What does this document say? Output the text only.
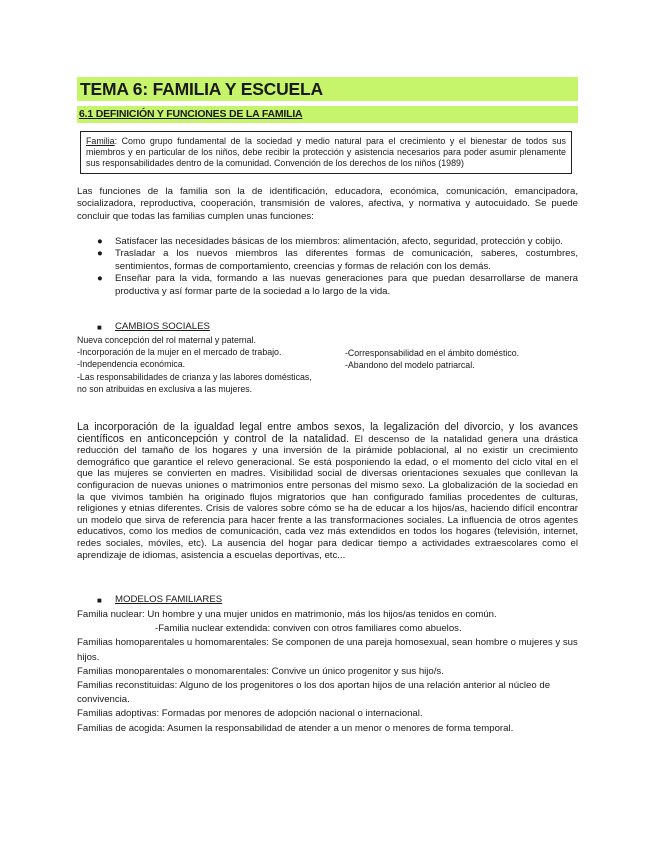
TEMA 6: FAMILIA Y ESCUELA
6.1 DEFINICIÓN Y FUNCIONES DE LA FAMILIA
Familia: Como grupo fundamental de la sociedad y medio natural para el crecimiento y el bienestar de todos sus miembros y en particular de los niños, debe recibir la protección y asistencia necesarios para poder asumir plenamente sus responsabilidades dentro de la comunidad. Convención de los derechos de los niños (1989)
Las funciones de la familia son la de identificación, educadora, económica, comunicación, emancipadora, socializadora, reproductiva, cooperación, transmisión de valores, afectiva, y normativa y autocuidado. Se puede concluir que todas las familias cumplen unas funciones:
● Satisfacer las necesidades básicas de los miembros: alimentación, afecto, seguridad, protección y cobijo.
● Trasladar a los nuevos miembros las diferentes formas de comunicación, saberes, costumbres, sentimientos, formas de comportamiento, creencias y formas de relación con los demás.
● Enseñar para la vida, formando a las nuevas generaciones para que puedan desarrollarse de manera productiva y así formar parte de la sociedad a lo largo de la vida.
■ CAMBIOS SOCIALES
Nueva concepción del rol maternal y paternal.
-Incorporación de la mujer en el mercado de trabajo.
-Independencia económica.
-Las responsabilidades de crianza y las labores domésticas, no son atribuidas en exclusiva a las mujeres.
-Corresponsabilidad en el ámbito doméstico.
-Abandono del modelo patriarcal.
La incorporación de la igualdad legal entre ambos sexos, la legalización del divorcio, y los avances científicos en anticoncepción y control de la natalidad. El descenso de la natalidad genera una drástica reducción del tamaño de los hogares y una inversión de la pirámide poblacional, al no existir un crecimiento demográfico que garantice el relevo generacional. Se está posponiendo la edad, o el momento del ciclo vital en el que las mujeres se convierten en madres. Visibilidad social de diversas orientaciones sexuales que conllevan la configuracion de nuevas uniones o matrimonios entre personas del mismo sexo. La globalización de la sociedad en la que vivimos también ha originado flujos migratorios que han configurado familias procedentes de culturas, religiones y etnias diferentes. Crisis de valores sobre cómo se ha de educar a los hijos/as, haciendo difícil encontrar un modelo que sirva de referencia para hacer frente a las transformaciones sociales. La influencia de otros agentes educativos, como los medios de comunicación, cada vez más extendidos en todos los hogares (televisión, internet, redes sociales, móviles, etc). La ausencia del hogar para dedicar tiempo a actividades extraescolares como el aprendizaje de idiomas, asistencia a escuelas deportivas, etc...
■ MODELOS FAMILIARES
Familia nuclear: Un hombre y una mujer unidos en matrimonio, más los hijos/as tenidos en común.
-Familia nuclear extendida: conviven con otros familiares como abuelos.
Familias homoparentales u homomarentales: Se componen de una pareja homosexual, sean hombre o mujeres y sus hijos.
Familias monoparentales o monomarentales: Convive un único progenitor y sus hijo/s.
Familias reconstituidas: Alguno de los progenitores o los dos aportan hijos de una relación anterior al núcleo de convivencia.
Familias adoptivas: Formadas por menores de adopción nacional o internacional.
Familias de acogida: Asumen la responsabilidad de atender a un menor o menores de forma temporal.
